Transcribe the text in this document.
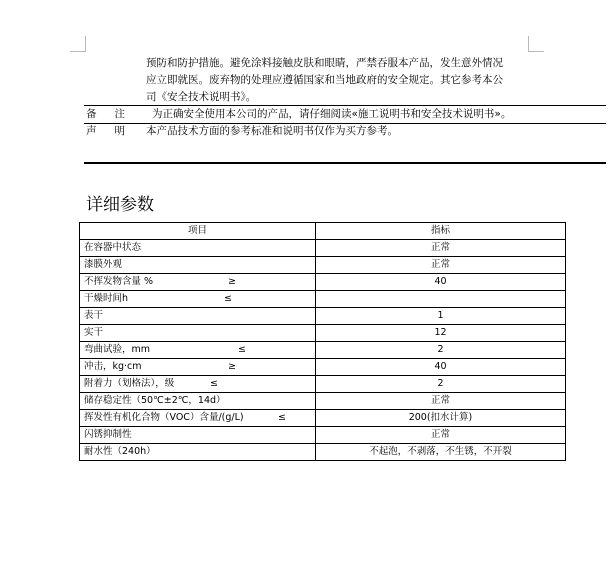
预防和防护措施。避免涂料接触皮肤和眼睛，严禁吞服本产品，发生意外情况
应立即就医。废弃物的处理应遵循国家和当地政府的安全规定。其它参考本公
司《安全技术说明书》。
备注 为正确安全使用本公司的产品，请仔细阅读«施工说明书和安全技术说明书»。
声明 本产品技术方面的参考标准和说明书仅作为买方参考。
详细参数
项目	指标
在容器中状态	正常
漆膜外观	正常
不挥发物含量 % ≥	40
干燥时间h ≤	

表干	1
实干	12
弯曲试验，mm ≤	2
冲击，kg·cm ≥	40
附着力（划格法），级 ≤	2
储存稳定性（50℃±2℃，14d）	正常
挥发性有机化合物（VOC）含量/(g/L) ≤	200(扣水计算)
闪锈抑制性	正常
耐水性（240h）	不起泡，不剥落，不生锈，不开裂
